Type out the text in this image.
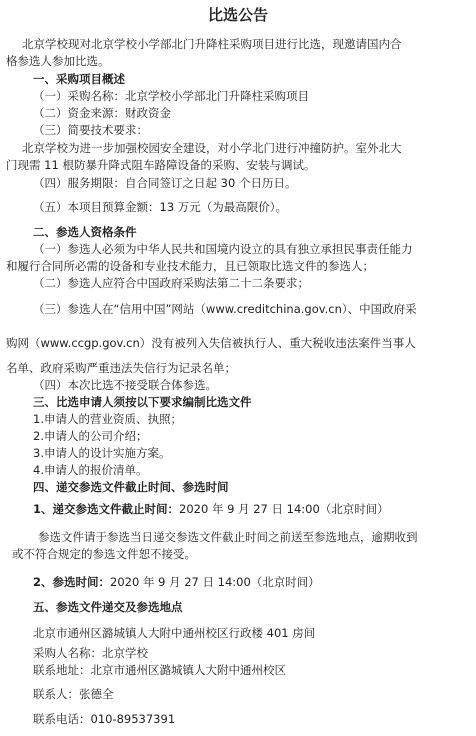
比选公告
北京学校现对北京学校小学部北门升降柱采购项目进行比选，现邀请国内合
格参选人参加比选。
一、采购项目概述
（一）采购名称：北京学校小学部北门升降柱采购项目
（二）资金来源：财政资金
（三）简要技术要求：
北京学校为进一步加强校园安全建设，对小学北门进行冲撞防护。室外北大
门现需 11 根防暴升降式阻车路障设备的采购、安装与调试。
（四）服务期限：自合同签订之日起 30 个日历日。
（五）本项目预算金额：13 万元（为最高限价）。
二、参选人资格条件
（一）参选人必须为中华人民共和国境内设立的具有独立承担民事责任能力
和履行合同所必需的设备和专业技术能力，且已领取比选文件的参选人；
（二）参选人应符合中国政府采购法第二十二条要求；
（三）参选人在“信用中国”网站（www.creditchina.gov.cn）、中国政府采
购网（www.ccgp.gov.cn）没有被列入失信被执行人、重大税收违法案件当事人
名单、政府采购严重违法失信行为记录名单；
（四）本次比选不接受联合体参选。
三、比选申请人须按以下要求编制比选文件
1.申请人的营业资质、执照；
2.申请人的公司介绍；
3.申请人的设计实施方案。
4.申请人的报价清单。
四、递交参选文件截止时间、参选时间
1、递交参选文件截止时间：2020 年 9 月 27 日 14:00（北京时间）
参选文件请于参选当日递交参选文件截止时间之前送至参选地点，逾期收到
或不符合规定的参选文件恕不接受。
2、参选时间：2020 年 9 月 27 日 14:00（北京时间）
五、参选文件递交及参选地点
北京市通州区潞城镇人大附中通州校区行政楼 401 房间
采购人名称：北京学校
联系地址：北京市通州区潞城镇人大附中通州校区
联系人：张德全
联系电话：010-89537391
